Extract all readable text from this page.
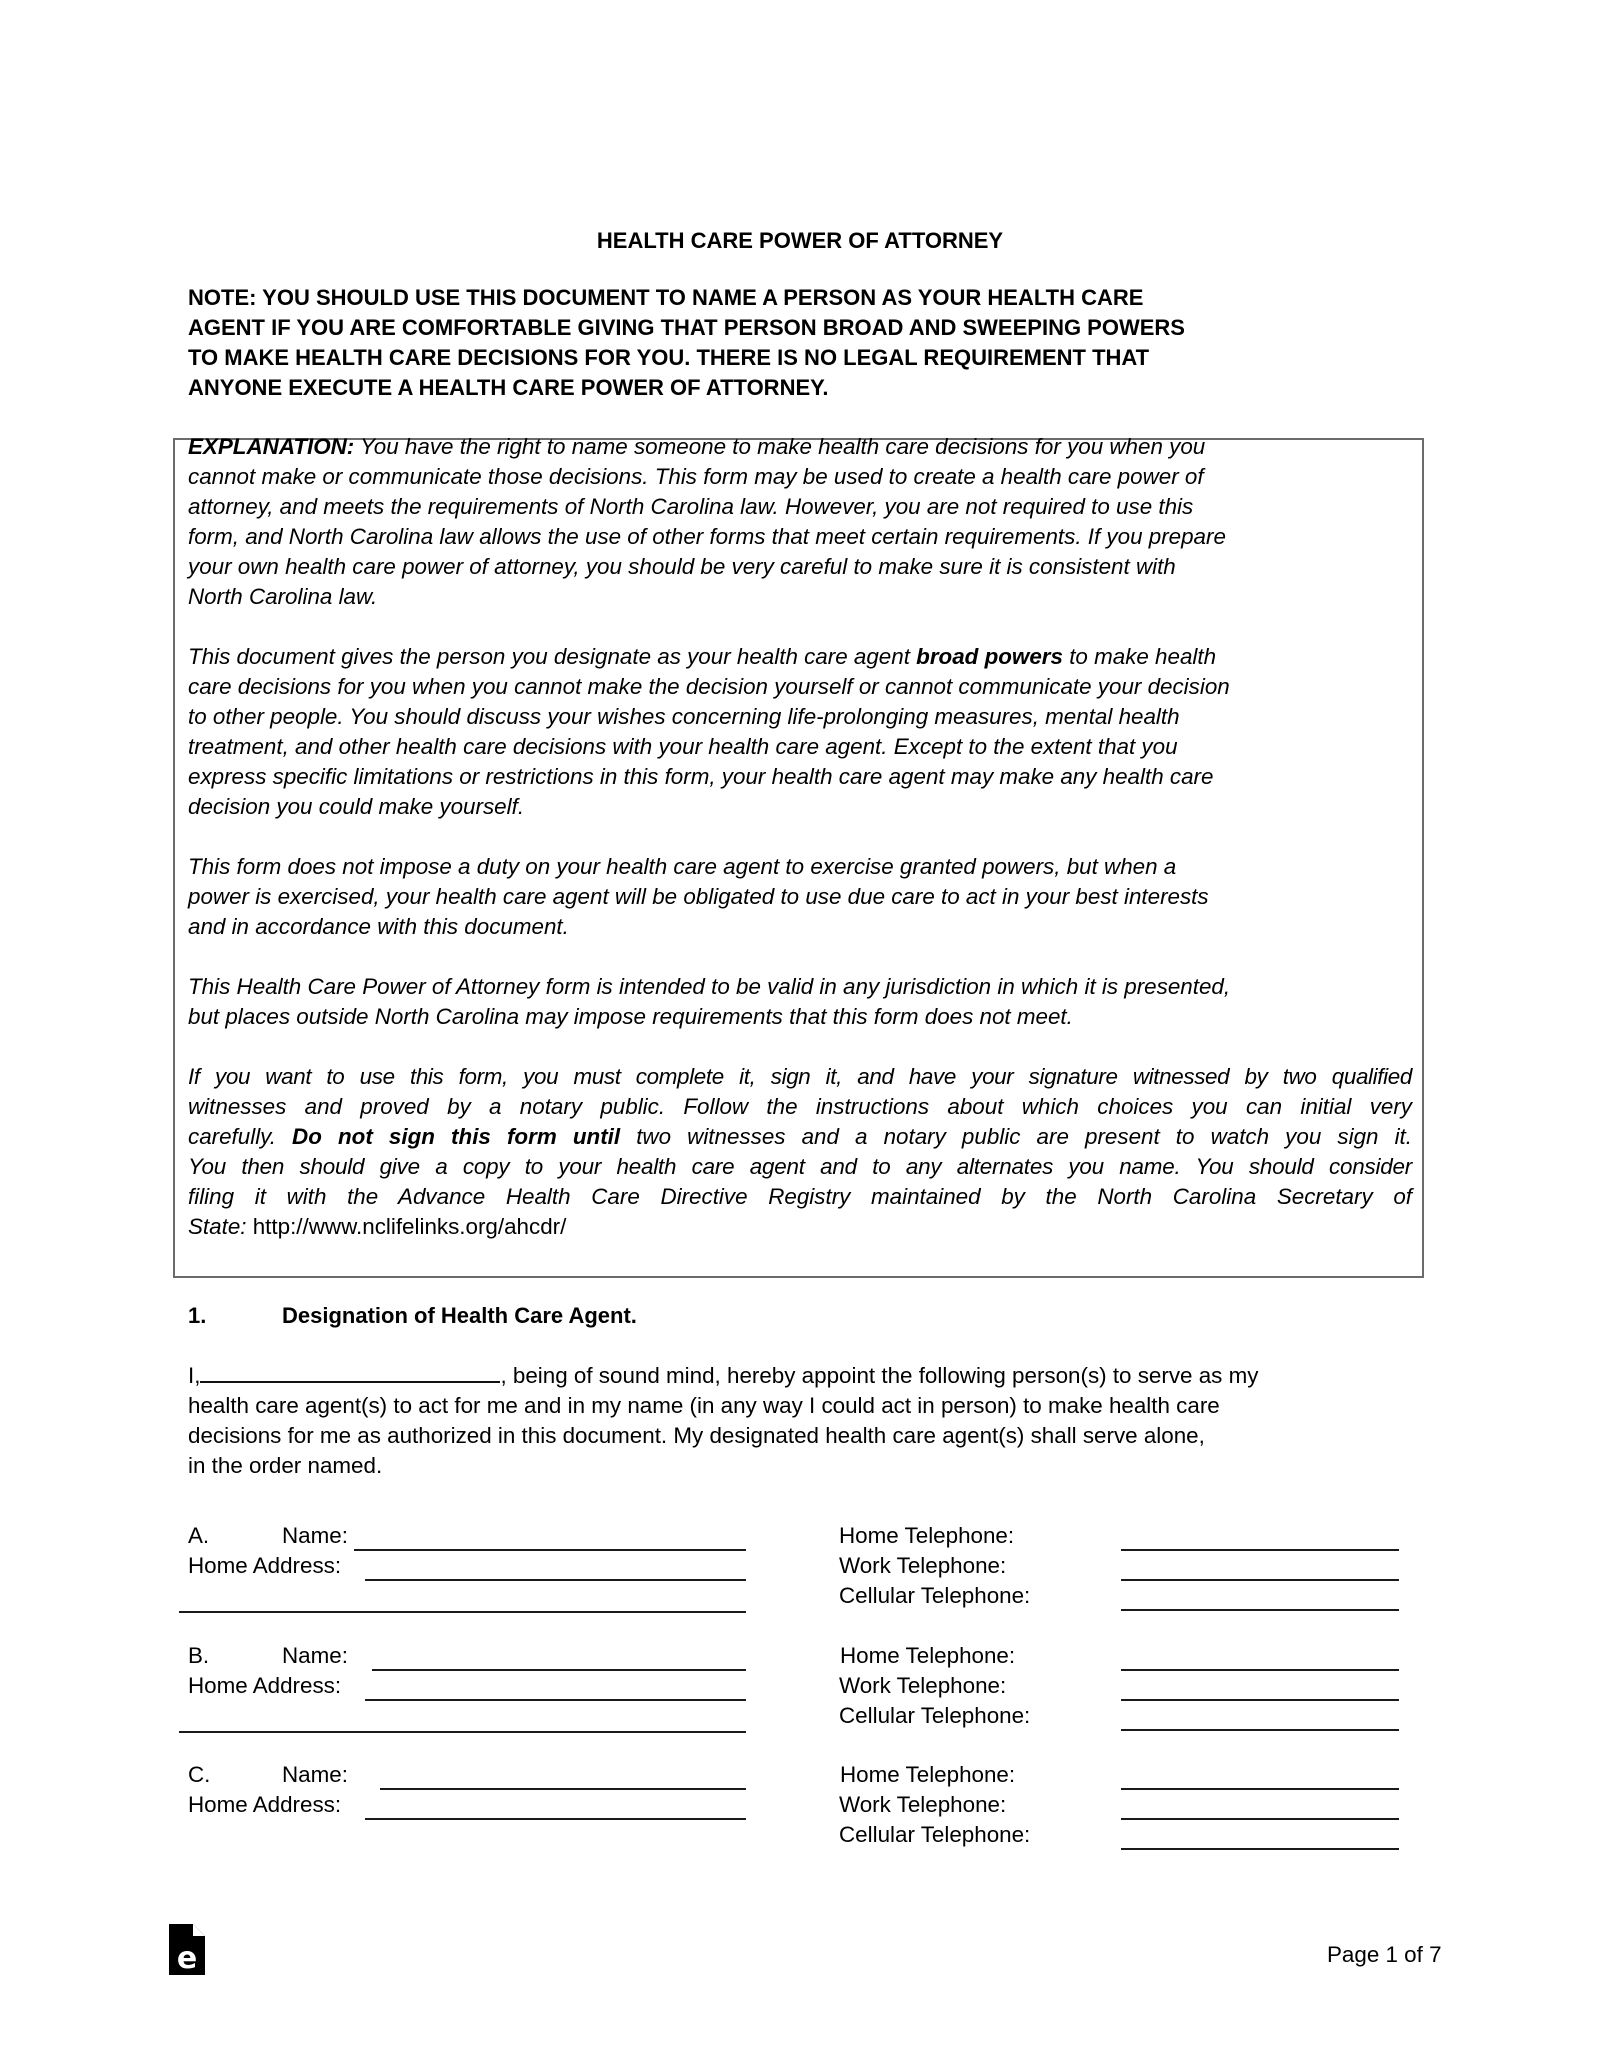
HEALTH CARE POWER OF ATTORNEY
NOTE: YOU SHOULD USE THIS DOCUMENT TO NAME A PERSON AS YOUR HEALTH CARE
AGENT IF YOU ARE COMFORTABLE GIVING THAT PERSON BROAD AND SWEEPING POWERS
TO MAKE HEALTH CARE DECISIONS FOR YOU. THERE IS NO LEGAL REQUIREMENT THAT
ANYONE EXECUTE A HEALTH CARE POWER OF ATTORNEY.
EXPLANATION: You have the right to name someone to make health care decisions for you when you
cannot make or communicate those decisions. This form may be used to create a health care power of
attorney, and meets the requirements of North Carolina law. However, you are not required to use this
form, and North Carolina law allows the use of other forms that meet certain requirements. If you prepare
your own health care power of attorney, you should be very careful to make sure it is consistent with
North Carolina law.
This document gives the person you designate as your health care agent broad powers to make health
care decisions for you when you cannot make the decision yourself or cannot communicate your decision
to other people. You should discuss your wishes concerning life-prolonging measures, mental health
treatment, and other health care decisions with your health care agent. Except to the extent that you
express specific limitations or restrictions in this form, your health care agent may make any health care
decision you could make yourself.
This form does not impose a duty on your health care agent to exercise granted powers, but when a
power is exercised, your health care agent will be obligated to use due care to act in your best interests
and in accordance with this document.
This Health Care Power of Attorney form is intended to be valid in any jurisdiction in which it is presented,
but places outside North Carolina may impose requirements that this form does not meet.
If you want to use this form, you must complete it, sign it, and have your signature witnessed by two qualified
witnesses and proved by a notary public. Follow the instructions about which choices you can initial very
carefully. Do not sign this form until two witnesses and a notary public are present to watch you sign it.
You then should give a copy to your health care agent and to any alternates you name. You should consider
filing it with the Advance Health Care Directive Registry maintained by the North Carolina Secretary of
State: http://www.nclifelinks.org/ahcdr/
1.	Designation of Health Care Agent.
I,	, being of sound mind, hereby appoint the following person(s) to serve as my
health care agent(s) to act for me and in my name (in any way I could act in person) to make health care
decisions for me as authorized in this document. My designated health care agent(s) shall serve alone,
in the order named.
A.	Name:
Home Address:
Home Telephone:
Work Telephone:
Cellular Telephone:
B.	Name:
Home Address:
Home Telephone:
Work Telephone:
Cellular Telephone:
C.	Name:
Home Address:
Home Telephone:
Work Telephone:
Cellular Telephone:
e	Page 1 of 7
